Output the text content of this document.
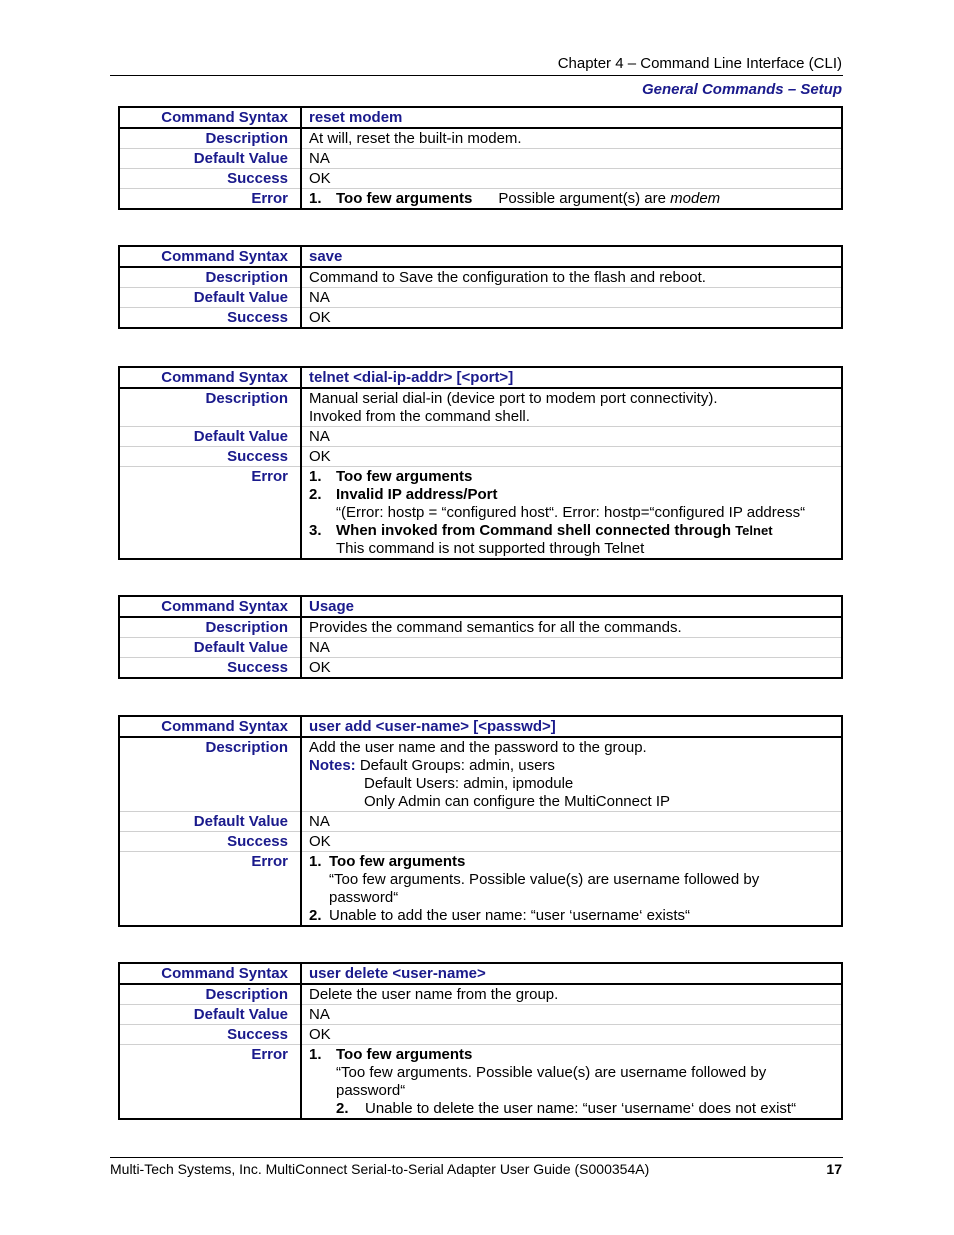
Chapter 4 – Command Line Interface (CLI)
General Commands – Setup
Command Syntax	reset modem
Description	At will, reset the built-in modem.
Default Value	NA
Success	OK
Error	1. Too few arguments Possible argument(s) are modem
Command Syntax	save
Description	Command to Save the configuration to the flash and reboot.
Default Value	NA
Success	OK
Command Syntax	telnet <dial-ip-addr> [<port>]
Description	Manual serial dial-in (device port to modem port connectivity).
Invoked from the command shell.

Default Value	NA
Success	OK
Error	1. Too few arguments
2. Invalid IP address/Port
“(Error: hostp = “configured host“. Error: hostp=“configured IP address“
3. When invoked from Command shell connected through Telnet
This command is not supported through Telnet
Command Syntax	Usage
Description	Provides the command semantics for all the commands.
Default Value	NA
Success	OK
Command Syntax	user add <user-name> [<passwd>]
Description	Add the user name and the password to the group.
Notes: Default Groups: admin, users
Default Users: admin, ipmodule
Only Admin can configure the MultiConnect IP

Default Value	NA
Success	OK
Error	1. Too few arguments
“Too few arguments. Possible value(s) are username followed by
password“
2. Unable to add the user name: “user ‘username‘ exists“
Command Syntax	user delete <user-name>
Description	Delete the user name from the group.
Default Value	NA
Success	OK
Error	1. Too few arguments
“Too few arguments. Possible value(s) are username followed by
password“
2. Unable to delete the user name: “user ‘username‘ does not exist“
Multi-Tech Systems, Inc. MultiConnect Serial-to-Serial Adapter User Guide (S000354A)	17
